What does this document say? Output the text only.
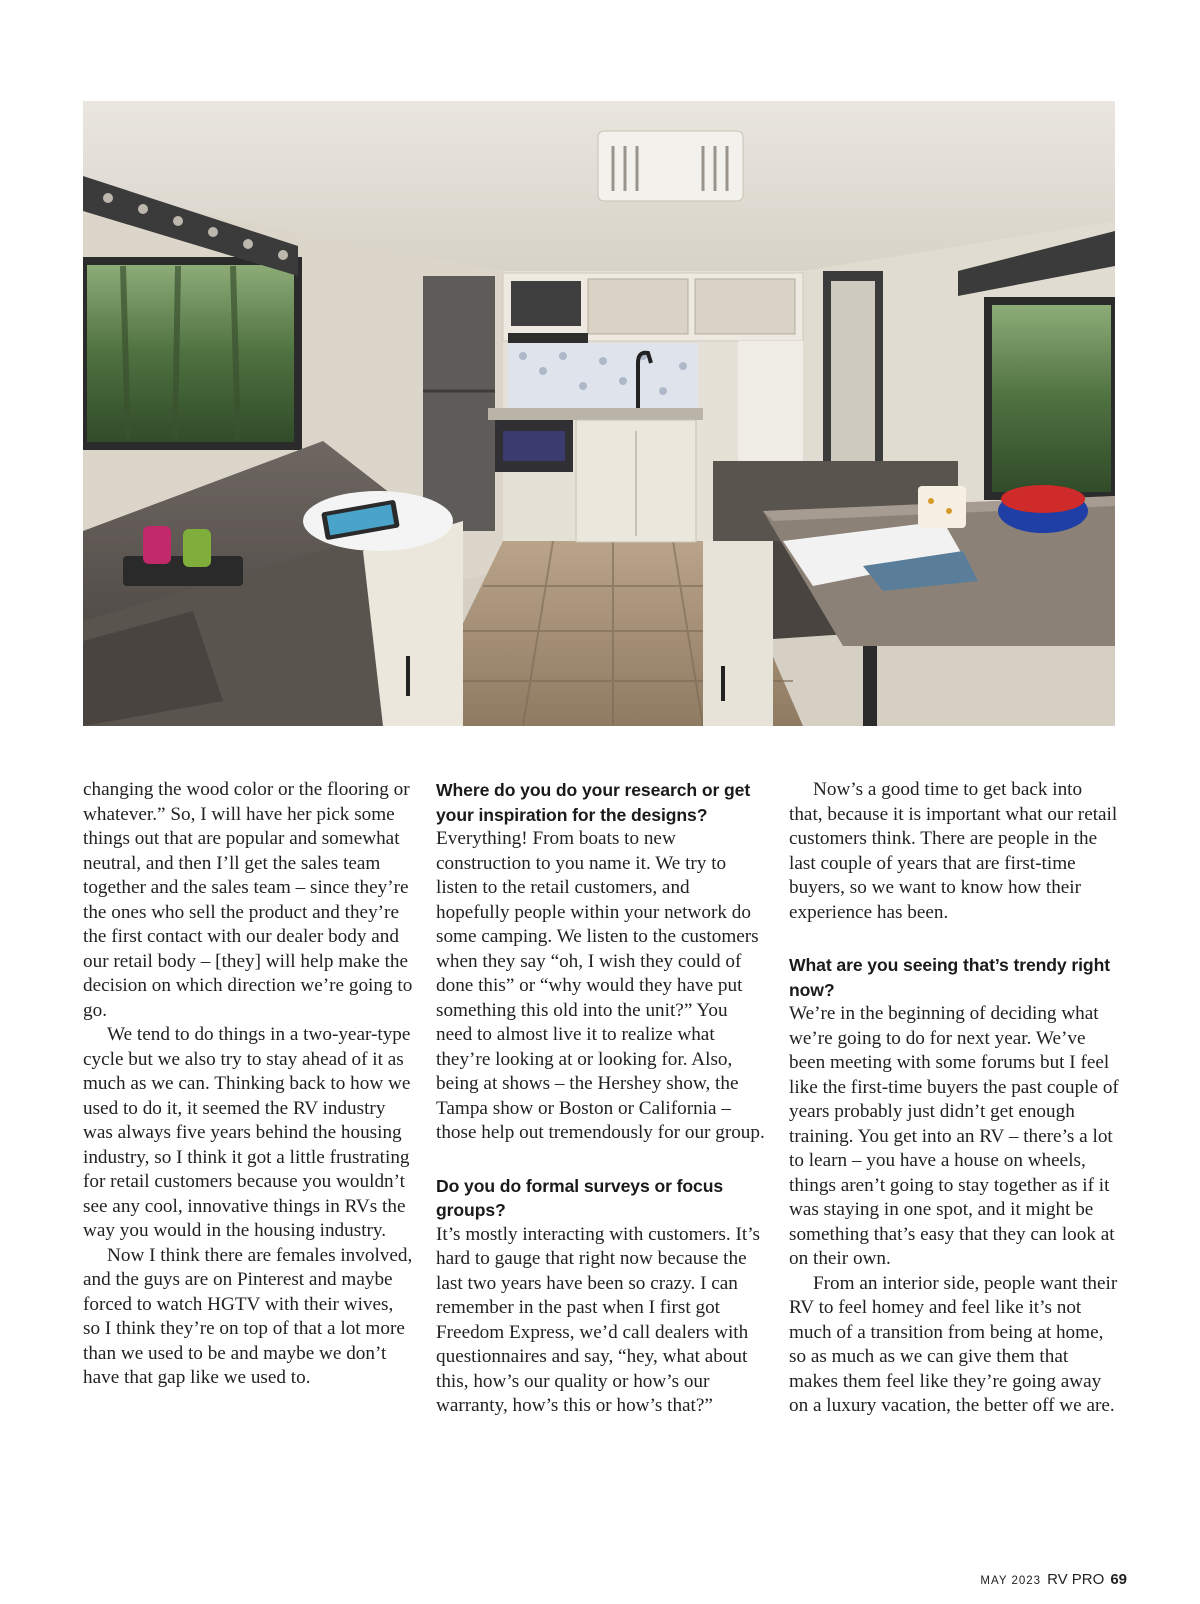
changing the wood color or the flooring or whatever.” So, I will have her pick some things out that are popular and somewhat neutral, and then I’ll get the sales team together and the sales team – since they’re the ones who sell the product and they’re the first contact with our dealer body and our retail body – [they] will help make the decision on which direction we’re going to go.

We tend to do things in a two-year-type cycle but we also try to stay ahead of it as much as we can. Thinking back to how we used to do it, it seemed the RV industry was always five years behind the housing industry, so I think it got a little frustrating for retail customers because you wouldn’t see any cool, innovative things in RVs the way you would in the housing industry.

Now I think there are females involved, and the guys are on Pinterest and maybe forced to watch HGTV with their wives, so I think they’re on top of that a lot more than we used to be and maybe we don’t have that gap like we used to.

Where do you do your research or get your inspiration for the designs?

Everything! From boats to new construction to you name it. We try to listen to the retail customers, and hopefully people within your network do some camping. We listen to the customers when they say “oh, I wish they could of done this” or “why would they have put something this old into the unit?” You need to almost live it to realize what they’re looking at or looking for. Also, being at shows – the Hershey show, the Tampa show or Boston or California – those help out tremendously for our group.

Do you do formal surveys or focus groups?

It’s mostly interacting with customers. It’s hard to gauge that right now because the last two years have been so crazy. I can remember in the past when I first got Freedom Express, we’d call dealers with questionnaires and say, “hey, what about this, how’s our quality or how’s our warranty, how’s this or how’s that?”

Now’s a good time to get back into that, because it is important what our retail customers think. There are people in the last couple of years that are first-time buyers, so we want to know how their experience has been.

What are you seeing that’s trendy right now?

We’re in the beginning of deciding what we’re going to do for next year. We’ve been meeting with some forums but I feel like the first-time buyers the past couple of years probably just didn’t get enough training. You get into an RV – there’s a lot to learn – you have a house on wheels, things aren’t going to stay together as if it was staying in one spot, and it might be something that’s easy that they can look at on their own.

From an interior side, people want their RV to feel homey and feel like it’s not much of a transition from being at home, so as much as we can give them that makes them feel like they’re going away on a luxury vacation, the better off we are.

MAY 2023 RV PRO 69
